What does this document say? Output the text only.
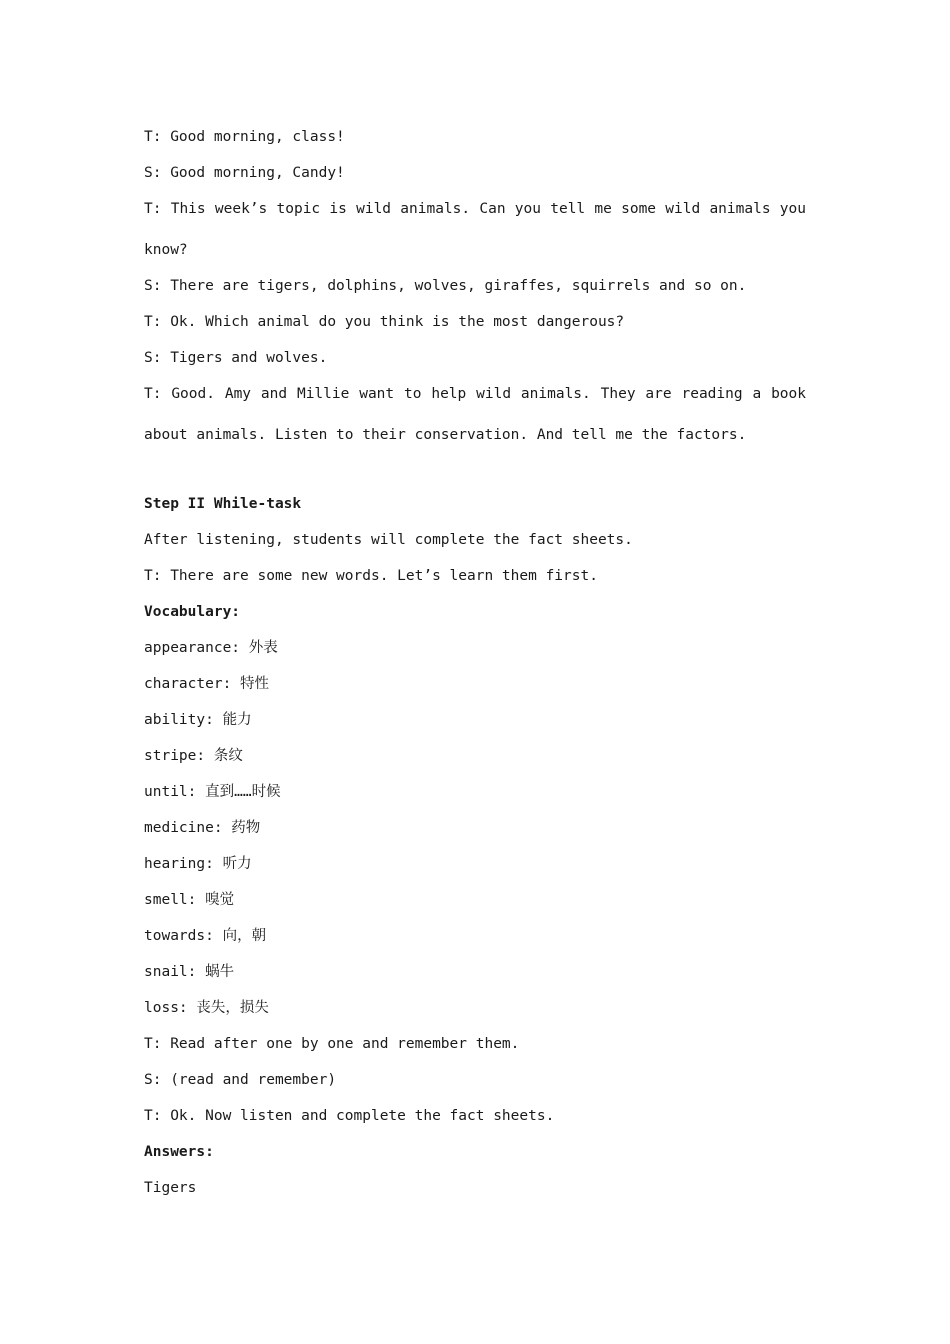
T: Good morning, class!
S: Good morning, Candy!
T: This week’s topic is wild animals. Can you tell me some wild animals you
know?
S: There are tigers, dolphins, wolves, giraffes, squirrels and so on.
T: Ok. Which animal do you think is the most dangerous?
S: Tigers and wolves.
T: Good. Amy and Millie want to help wild animals. They are reading a book
about animals. Listen to their conservation. And tell me the factors.
Step II While-task
After listening, students will complete the fact sheets.
T: There are some new words. Let’s learn them first.
Vocabulary:
appearance: 外表
character: 特性
ability: 能力
stripe: 条纹
until: 直到……时候
medicine: 药物
hearing: 听力
smell: 嗅觉
towards: 向，朝
snail: 蜗牛
loss: 丧失，损失
T: Read after one by one and remember them.
S: (read and remember)
T: Ok. Now listen and complete the fact sheets.
Answers:
Tigers
